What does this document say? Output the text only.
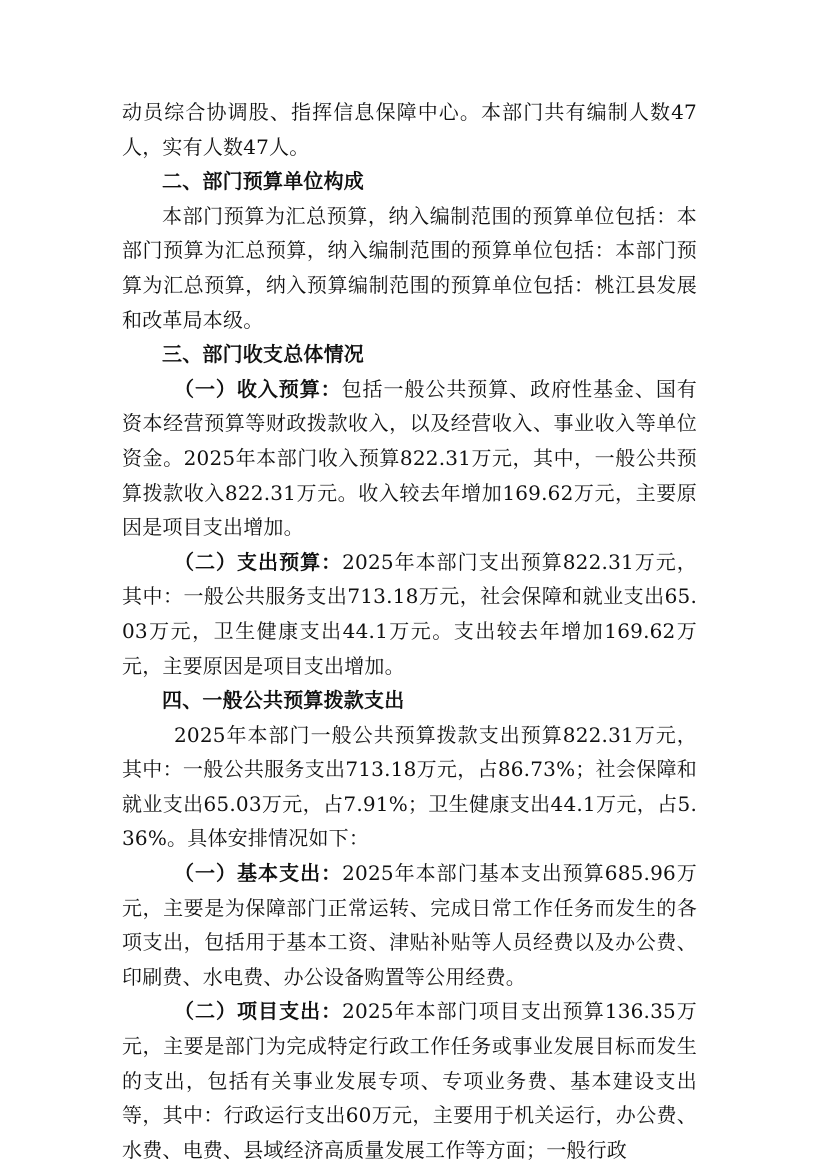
动员综合协调股、指挥信息保障中心。本部门共有编制人数47 人，实有人数47人。

二、部门预算单位构成

本部门预算为汇总预算，纳入编制范围的预算单位包括：本部门预算为汇总预算，纳入编制范围的预算单位包括：本部门预算为汇总预算，纳入预算编制范围的预算单位包括：桃江县发展和改革局本级。

三、部门收支总体情况

（一）收入预算：包括一般公共预算、政府性基金、国有资本经营预算等财政拨款收入，以及经营收入、事业收入等单位资金。2025年本部门收入预算822.31万元，其中，一般公共预算拨款收入822.31万元。收入较去年增加169.62万元，主要原因是项目支出增加。

（二）支出预算：2025年本部门支出预算822.31万元，其中：一般公共服务支出713.18万元，社会保障和就业支出65.03万元，卫生健康支出44.1万元。支出较去年增加169.62万元，主要原因是项目支出增加。

四、一般公共预算拨款支出

2025年本部门一般公共预算拨款支出预算822.31万元，其中：一般公共服务支出713.18万元，占86.73%；社会保障和就业支出65.03万元，占7.91%；卫生健康支出44.1万元，占5.36%。具体安排情况如下：

（一）基本支出：2025年本部门基本支出预算685.96万元，主要是为保障部门正常运转、完成日常工作任务而发生的各项支出，包括用于基本工资、津贴补贴等人员经费以及办公费、印刷费、水电费、办公设备购置等公用经费。

（二）项目支出：2025年本部门项目支出预算136.35万元，主要是部门为完成特定行政工作任务或事业发展目标而发生的支出，包括有关事业发展专项、专项业务费、基本建设支出等，其中：行政运行支出60万元，主要用于机关运行，办公费、水费、电费、县域经济高质量发展工作等方面；一般行政
